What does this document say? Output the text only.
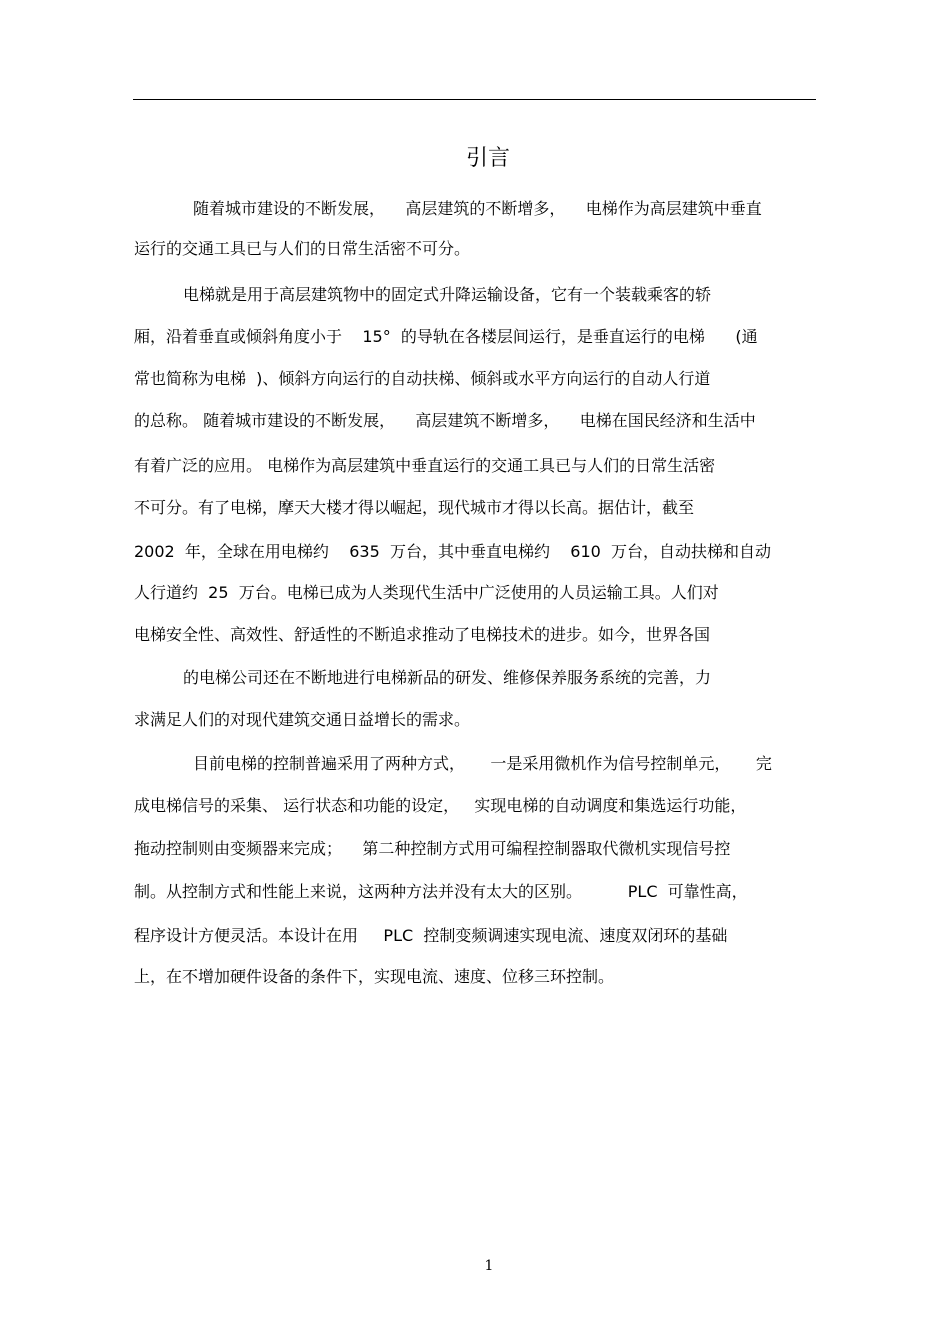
引言
随着城市建设的不断发展，    高层建筑的不断增多，    电梯作为高层建筑中垂直
运行的交通工具已与人们的日常生活密不可分。
电梯就是用于高层建筑物中的固定式升降运输设备，它有一个装载乘客的轿
厢，沿着垂直或倾斜角度小于    15°  的导轨在各楼层间运行，是垂直运行的电梯      (通
常也简称为电梯  )、倾斜方向运行的自动扶梯、倾斜或水平方向运行的自动人行道
的总称。 随着城市建设的不断发展，    高层建筑不断增多，    电梯在国民经济和生活中
有着广泛的应用。 电梯作为高层建筑中垂直运行的交通工具已与人们的日常生活密
不可分。有了电梯，摩天大楼才得以崛起，现代城市才得以长高。据估计，截至
2002  年，全球在用电梯约    635  万台，其中垂直电梯约    610  万台，自动扶梯和自动
人行道约  25  万台。电梯已成为人类现代生活中广泛使用的人员运输工具。人们对
电梯安全性、高效性、舒适性的不断追求推动了电梯技术的进步。如今，世界各国
的电梯公司还在不断地进行电梯新品的研发、维修保养服务系统的完善，力
求满足人们的对现代建筑交通日益增长的需求。
目前电梯的控制普遍采用了两种方式，     一是采用微机作为信号控制单元，     完
成电梯信号的采集、 运行状态和功能的设定，   实现电梯的自动调度和集选运行功能，
拖动控制则由变频器来完成；    第二种控制方式用可编程控制器取代微机实现信号控
制。从控制方式和性能上来说，这两种方法并没有太大的区别。         PLC  可靠性高，
程序设计方便灵活。本设计在用     PLC  控制变频调速实现电流、速度双闭环的基础
上，在不增加硬件设备的条件下，实现电流、速度、位移三环控制。
1
